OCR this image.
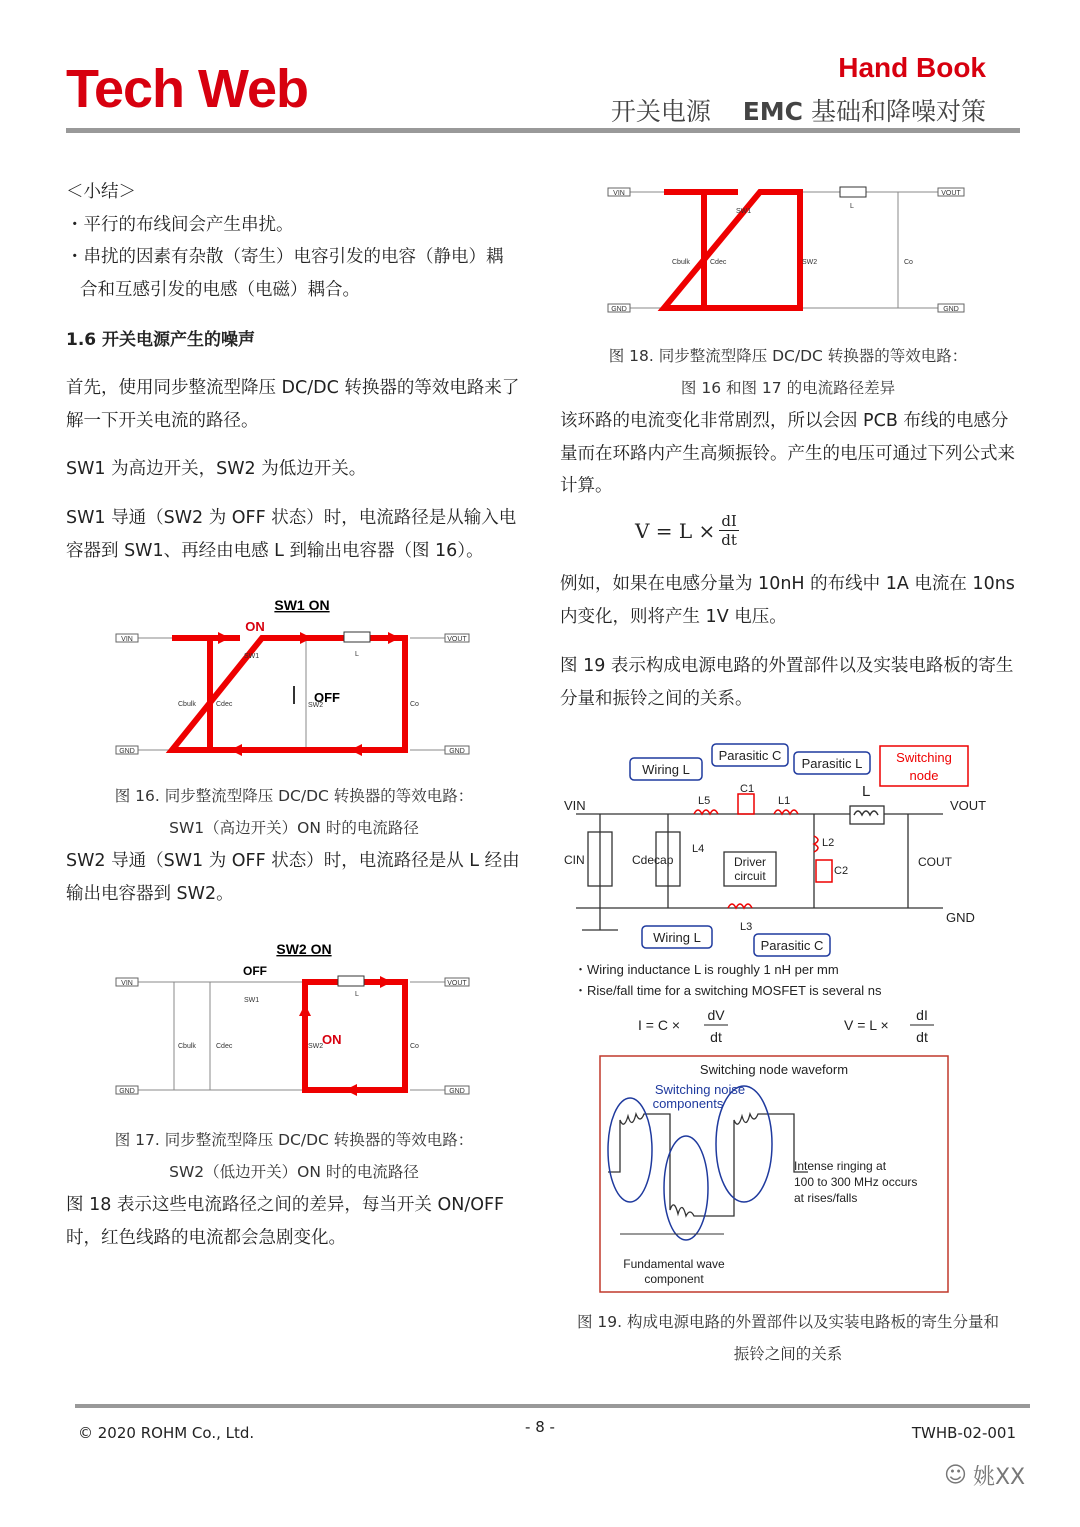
Tech Web	Hand Book
开关电源 EMC 基础和降噪对策
＜小结＞
・平行的布线间会产生串扰。
・串扰的因素有杂散（寄生）电容引发的电容（静电）耦
合和互感引发的电感（电磁）耦合。
1.6 开关电源产生的噪声
首先，使用同步整流型降压 DC/DC 转换器的等效电路来了解一下开关电流的路径。
SW1 为高边开关，SW2 为低边开关。
SW1 导通（SW2 为 OFF 状态）时，电流路径是从输入电容器到 SW1、再经由电感 L 到输出电容器（图 16）。
SW1 ON
ON
VIN	VOUT
GND	GND
SW1
SW2
L
Cbulk	Cdec	Co
OFF
图 16. 同步整流型降压 DC/DC 转换器的等效电路：
SW1（高边开关）ON 时的电流路径
SW2 导通（SW1 为 OFF 状态）时，电流路径是从 L 经由输出电容器到 SW2。
SW2 ON
OFF
VIN	VOUT
GND	GND
SW1
SW2
L
Cbulk	Cdec	Co
ON
图 17. 同步整流型降压 DC/DC 转换器的等效电路：
SW2（低边开关）ON 时的电流路径
图 18 表示这些电流路径之间的差异，每当开关 ON/OFF 时，红色线路的电流都会急剧变化。
VIN	VOUT
GND	GND
SW1
SW2
L
Cbulk	Cdec	Co
图 18. 同步整流型降压 DC/DC 转换器的等效电路：
图 16 和图 17 的电流路径差异
该环路的电流变化非常剧烈，所以会因 PCB 布线的电感分量而在环路内产生高频振铃。产生的电压可通过下列公式来计算。
$V = L \times \frac{dI}{dt}$
例如，如果在电感分量为 10nH 的布线中 1A 电流在 10ns 内变化，则将产生 1V 电压。
图 19 表示构成电源电路的外置部件以及实装电路板的寄生分量和振铃之间的关系。
Wiring L
Parasitic C
Parasitic L	Switching
node
VIN	VOUT
GND
L
L5	L1
C1
L2
C2
L3
L4
CIN	Cdecap	COUT
Driver
circuit
Wiring L
Parasitic C
・Wiring inductance L is roughly 1 nH per mm
・Rise/fall time for a switching MOSFET is several ns
I = C ×
dV
dt
V = L ×
dI
dt
Switching node waveform
Switching noise
components
Intense ringing at
100 to 300 MHz occurs
at rises/falls
Fundamental wave
component
图 19. 构成电源电路的外置部件以及实装电路板的寄生分量和
振铃之间的关系
© 2020 ROHM Co., Ltd.	- 8 -	TWHB-02-001
☺ 姚XX
